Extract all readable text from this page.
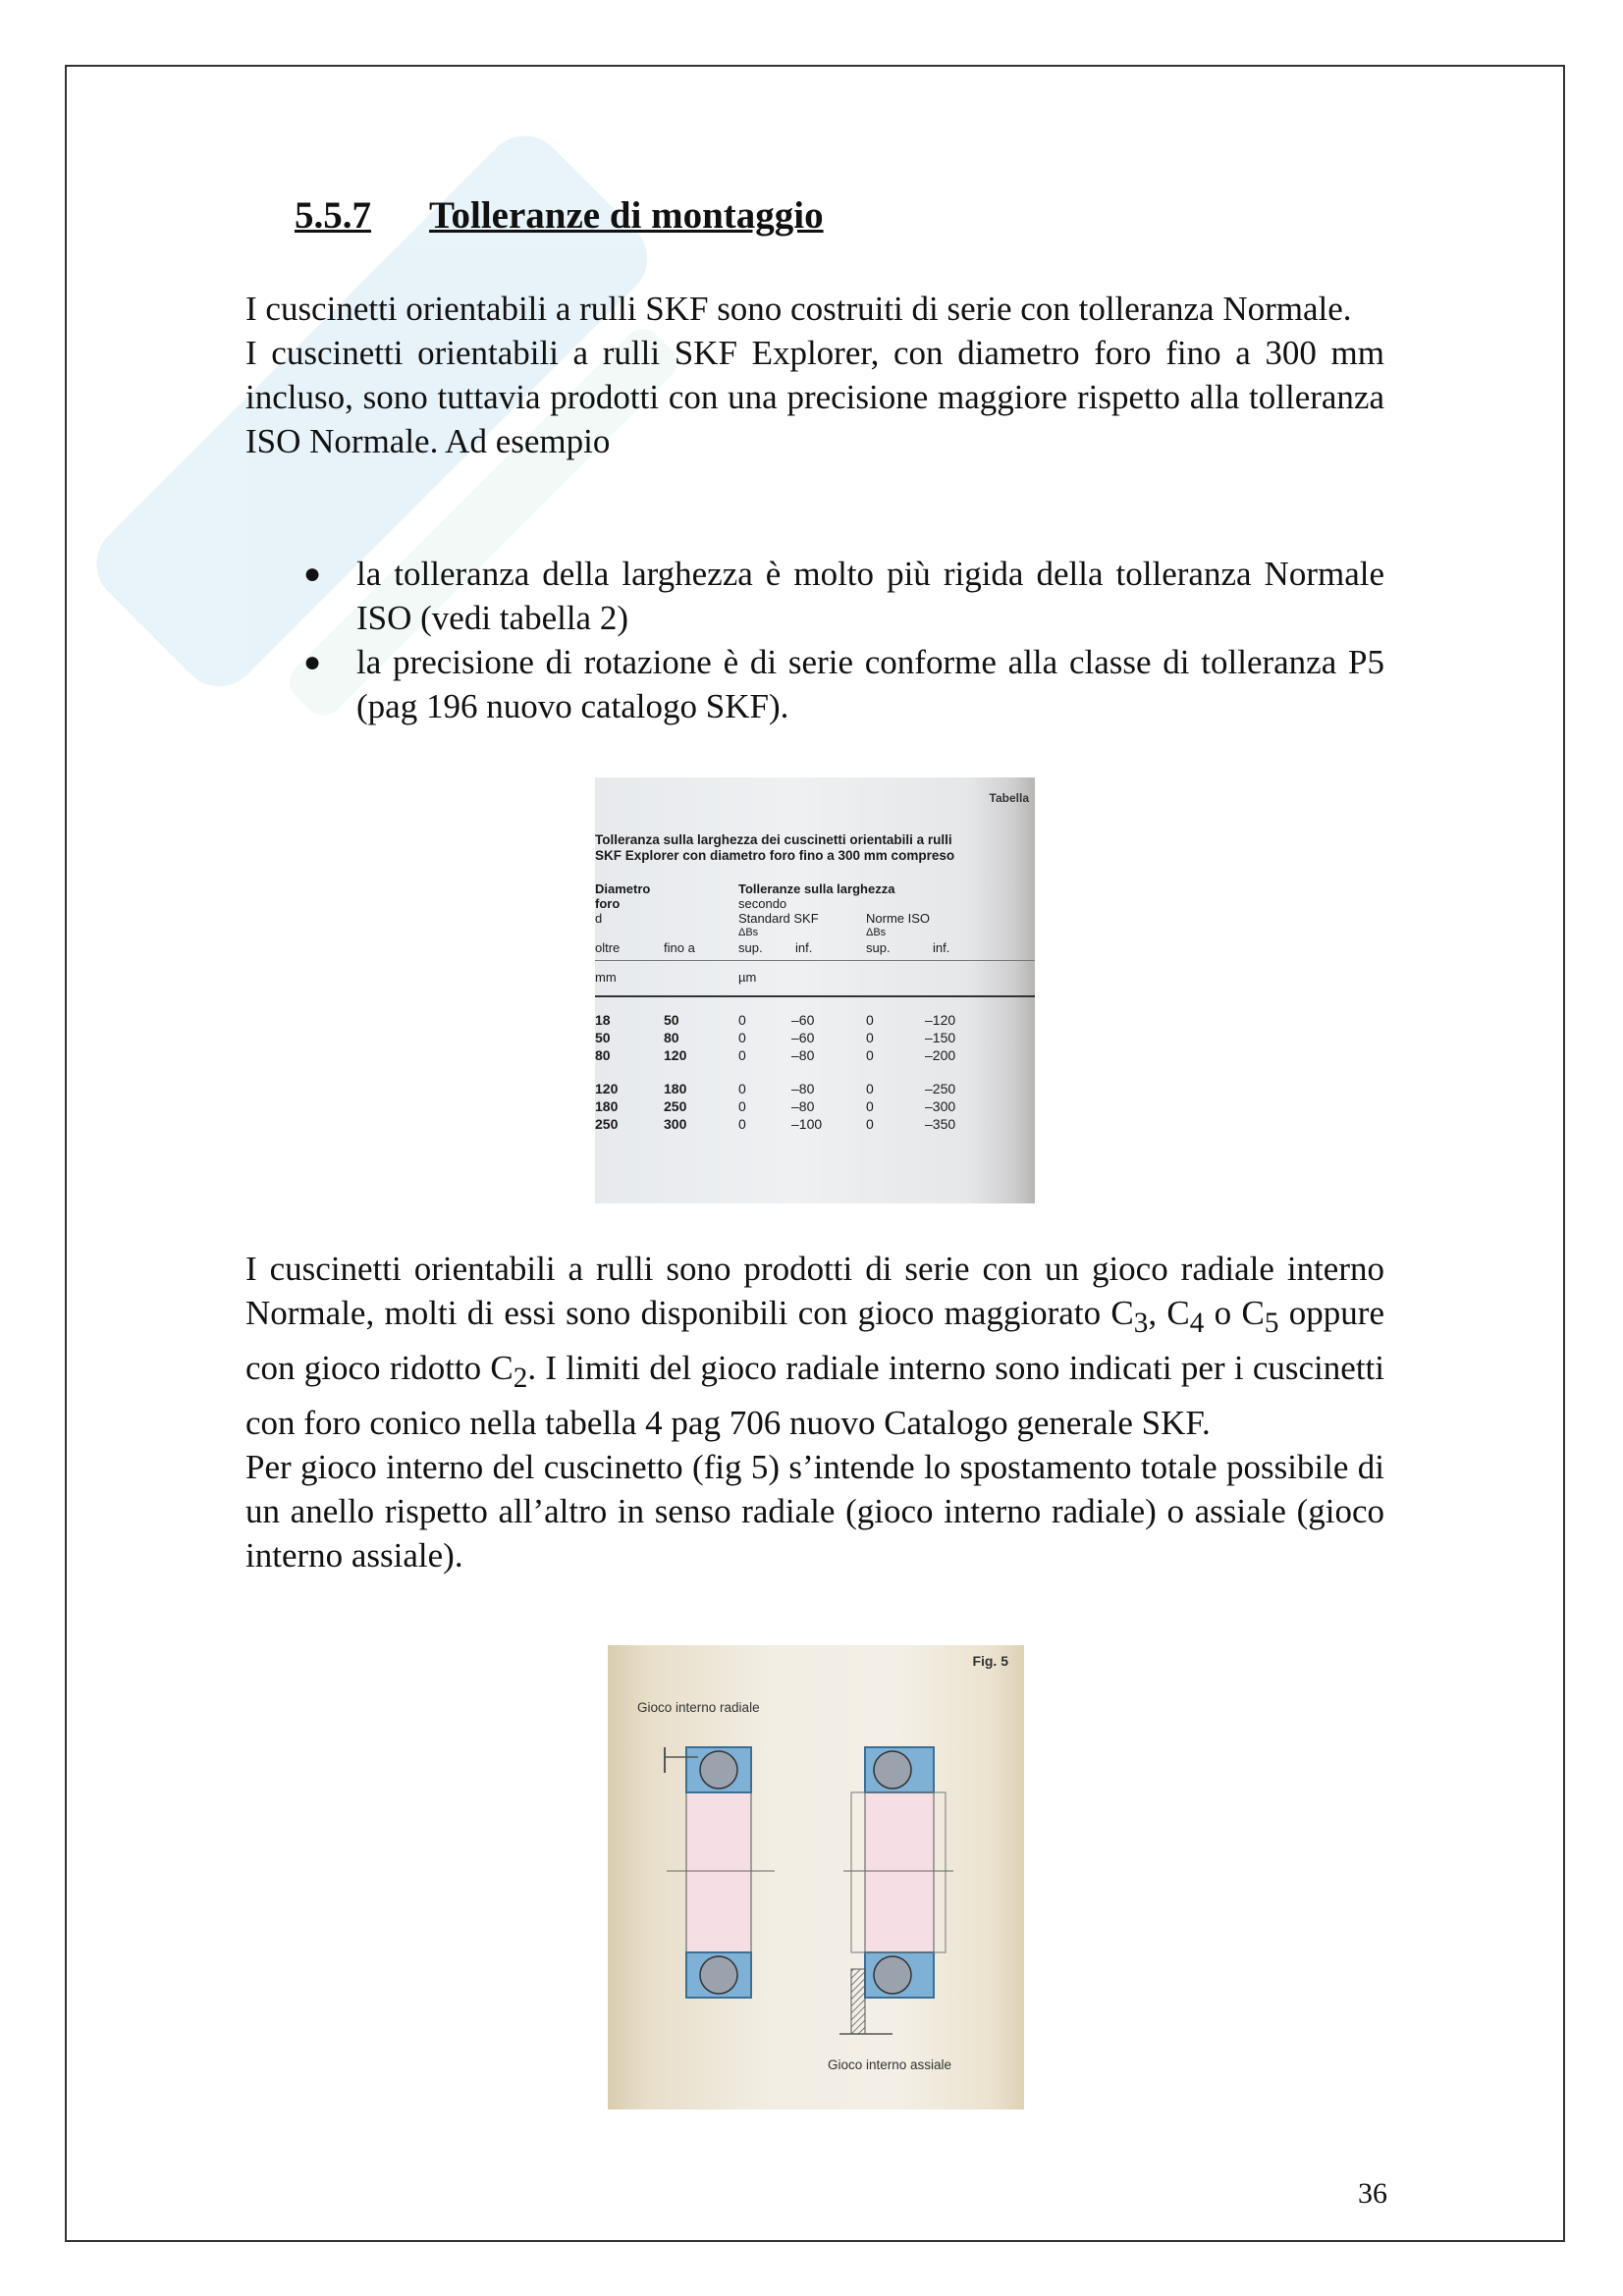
5.5.7 Tolleranze di montaggio

I cuscinetti orientabili a rulli SKF sono costruiti di serie con tolleranza Normale.

I cuscinetti orientabili a rulli SKF Explorer, con diametro foro fino a 300 mm incluso, sono tuttavia prodotti con una precisione maggiore rispetto alla tolleranza ISO Normale. Ad esempio

● la tolleranza della larghezza è molto più rigida della tolleranza Normale ISO (vedi tabella 2)
● la precisione di rotazione è di serie conforme alla classe di tolleranza P5 (pag 196 nuovo catalogo SKF).
Tabella
Tolleranza sulla larghezza dei cuscinetti orientabili a rulli
SKF Explorer con diametro foro fino a 300 mm compreso
Diametro
foro
d
Tolleranze sulla larghezza
secondo
Standard SKF	Norme ISO
ΔBs	ΔBs
oltre	fino a	sup.	inf.	sup.	inf.
mm	µm
18	50	0	–60	0	–120
50	80	0	–60	0	–150
80	120	0	–80	0	–200
120	180	0	–80	0	–250
180	250	0	–80	0	–300
250	300	0	–100	0	–350

I cuscinetti orientabili a rulli sono prodotti di serie con un gioco radiale interno Normale, molti di essi sono disponibili con gioco maggiorato $C_3$, $C_4$ o $C_5$ oppure con gioco ridotto $C_2$. I limiti del gioco radiale interno sono indicati per i cuscinetti con foro conico nella tabella 4 pag 706 nuovo Catalogo generale SKF.

Per gioco interno del cuscinetto (fig 5) s’intende lo spostamento totale possibile di un anello rispetto all’altro in senso radiale (gioco interno radiale) o assiale (gioco interno assiale).

Fig. 5
Gioco interno radiale
Gioco interno assiale
36
